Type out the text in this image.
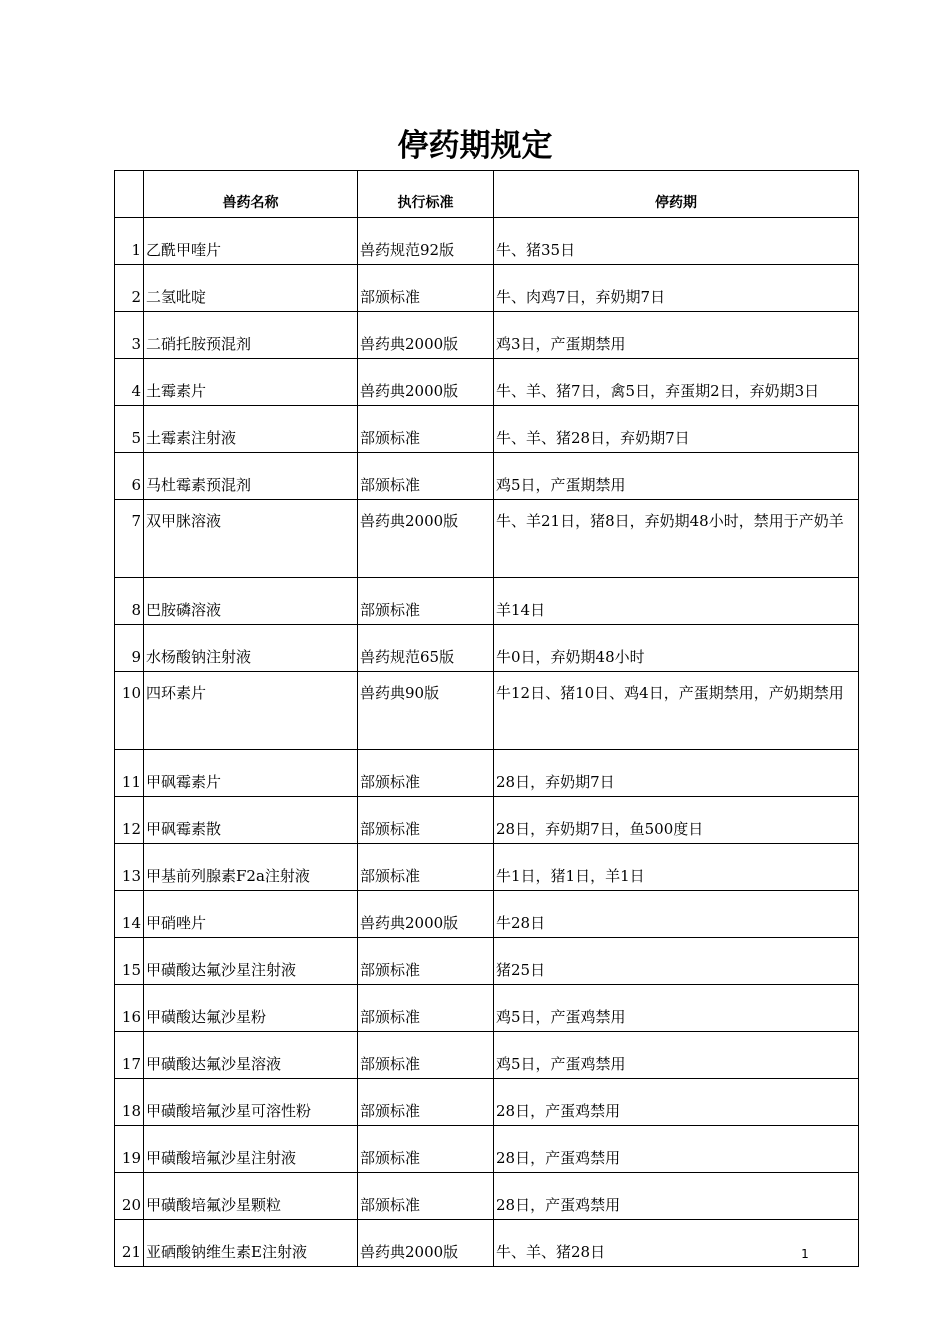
停药期规定
	兽药名称	执行标准	停药期
1	乙酰甲喹片	兽药规范92版	牛、猪35日
2	二氢吡啶	部颁标准	牛、肉鸡7日，弃奶期7日
3	二硝托胺预混剂	兽药典2000版	鸡3日，产蛋期禁用
4	土霉素片	兽药典2000版	牛、羊、猪7日，禽5日，弃蛋期2日，弃奶期3日
5	土霉素注射液	部颁标准	牛、羊、猪28日，弃奶期7日
6	马杜霉素预混剂	部颁标准	鸡5日，产蛋期禁用
7	双甲脒溶液	兽药典2000版	牛、羊21日，猪8日，弃奶期48小时，禁用于产奶羊
8	巴胺磷溶液	部颁标准	羊14日
9	水杨酸钠注射液	兽药规范65版	牛0日，弃奶期48小时
10	四环素片	兽药典90版	牛12日、猪10日、鸡4日，产蛋期禁用，产奶期禁用
11	甲砜霉素片	部颁标准	28日，弃奶期7日
12	甲砜霉素散	部颁标准	28日，弃奶期7日，鱼500度日
13	甲基前列腺素F2a注射液	部颁标准	牛1日，猪1日，羊1日
14	甲硝唑片	兽药典2000版	牛28日
15	甲磺酸达氟沙星注射液	部颁标准	猪25日
16	甲磺酸达氟沙星粉	部颁标准	鸡5日，产蛋鸡禁用
17	甲磺酸达氟沙星溶液	部颁标准	鸡5日，产蛋鸡禁用
18	甲磺酸培氟沙星可溶性粉	部颁标准	28日，产蛋鸡禁用
19	甲磺酸培氟沙星注射液	部颁标准	28日，产蛋鸡禁用
20	甲磺酸培氟沙星颗粒	部颁标准	28日，产蛋鸡禁用
21	亚硒酸钠维生素E注射液	兽药典2000版	牛、羊、猪28日	1
